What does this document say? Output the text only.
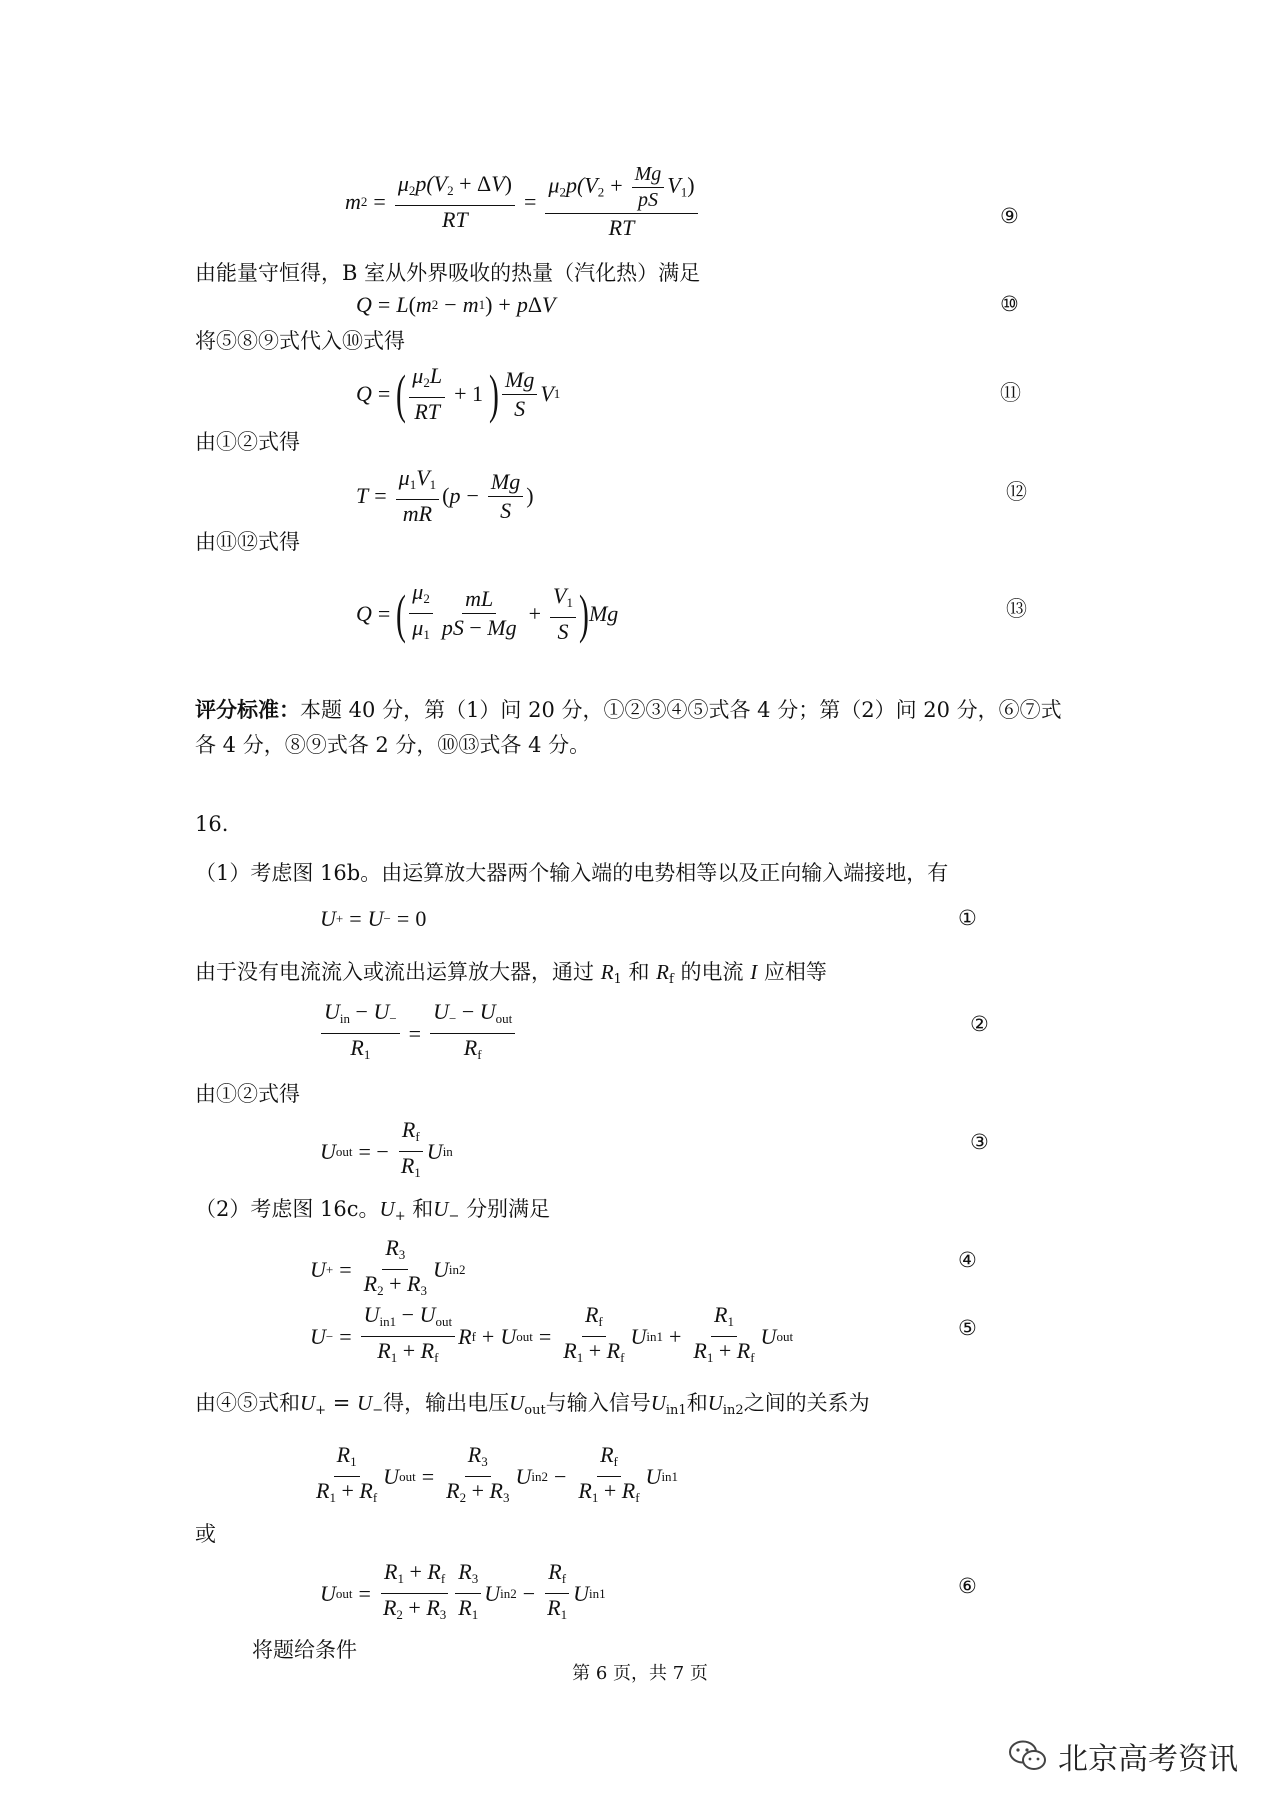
m $2 = \frac{\mu_2p(V_2 + \Delta V)}{RT} = \frac{\mu_2p(V_2 + \frac{Mg}{pS} V_1)}{RT}$	⑨
由能量守恒得，B 室从外界吸收的热量（汽化热）满足
Q = L ( m 2 − m 1 ) + p Δ V	⑩
将⑤⑧⑨式代入⑩式得
Q = ( $\frac{\mu_2L}{RT} + 1$ ) $\frac{Mg}{S}$ V 1	⑪
由①②式得
$T = \frac{\mu_1V_1}{mR}$ ( $p - \frac{Mg}{S}$ )	⑫
由⑪⑫式得
Q = ( $\frac{\mu_2}{\mu_1} \frac{mL}{pS - Mg} + \frac{V_1}{S}$ ) Mg	⑬
评分标准：本题 40 分，第（1）问 20 分，①②③④⑤式各 4 分；第（2）问 20 分，⑥⑦式
各 4 分，⑧⑨式各 2 分，⑩⑬式各 4 分。
16.
（1）考虑图 16b。由运算放大器两个输入端的电势相等以及正向输入端接地，有
U + = U − = 0	①
由于没有电流流入或流出运算放大器，通过 $R_1$ 和 $R_f$ 的电流 I 应相等
$\frac{U_{in} - U_-}{R_1} = \frac{U_- - U_{out}}{R_f}$	②
由①②式得
U out = − $\frac{R_f}{R_1}$ U in	③
（2）考虑图 16c。$U_+$ 和$U_-$ 分别满足
U + = $\frac{R_3}{R_2 + R_3}$ U in2	④
U − = $\frac{U_{in1} - U_{out}}{R_1 + R_f}$ R f + U out = $\frac{R_f}{R_1 + R_f}$ U $in1 + \frac{R_1}{R_1 + R_f}$ U out	⑤
由④⑤式和$U_+ = U_-$得，输出电压$U_{out}$与输入信号$U_{in1}$和$U_{in2}$之间的关系为
$\frac{R_1}{R_1 + R_f}$ U out = $\frac{R_3}{R_2 + R_3}$ U $in2 - \frac{R_f}{R_1 + R_f}$ U in1
或
U out = $\frac{R_1 + R_f}{R_2 + R_3} \frac{R_3}{R_1}$ U $in2 - \frac{R_f}{R_1}$ U in1	⑥
将题给条件
第 6 页，共 7 页
北京高考资讯
